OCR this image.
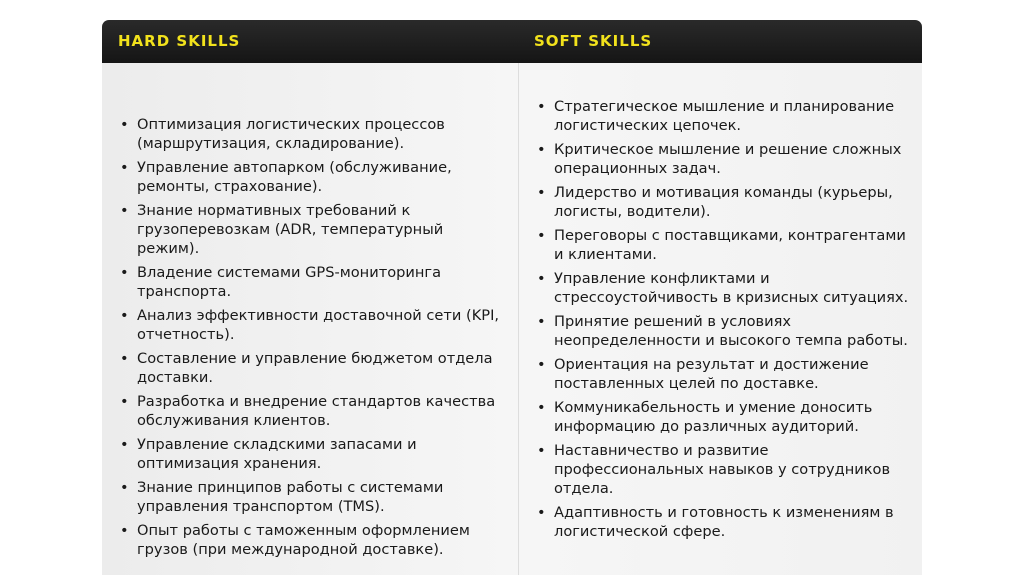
HARD SKILLS	SOFT SKILLS
• Оптимизация логистических процессов (маршрутизация, складирование).
• Управление автопарком (обслуживание, ремонты, страхование).
• Знание нормативных требований к грузоперевозкам (ADR, температурный режим).
• Владение системами GPS-мониторинга транспорта.
• Анализ эффективности доставочной сети (KPI, отчетность).
• Составление и управление бюджетом отдела доставки.
• Разработка и внедрение стандартов качества обслуживания клиентов.
• Управление складскими запасами и оптимизация хранения.
• Знание принципов работы с системами управления транспортом (TMS).
• Опыт работы с таможенным оформлением грузов (при международной доставке).
• Стратегическое мышление и планирование логистических цепочек.
• Критическое мышление и решение сложных операционных задач.
• Лидерство и мотивация команды (курьеры, логисты, водители).
• Переговоры с поставщиками, контрагентами и клиентами.
• Управление конфликтами и стрессоустойчивость в кризисных ситуациях.
• Принятие решений в условиях неопределенности и высокого темпа работы.
• Ориентация на результат и достижение поставленных целей по доставке.
• Коммуникабельность и умение доносить информацию до различных аудиторий.
• Наставничество и развитие профессиональных навыков у сотрудников отдела.
• Адаптивность и готовность к изменениям в логистической сфере.
